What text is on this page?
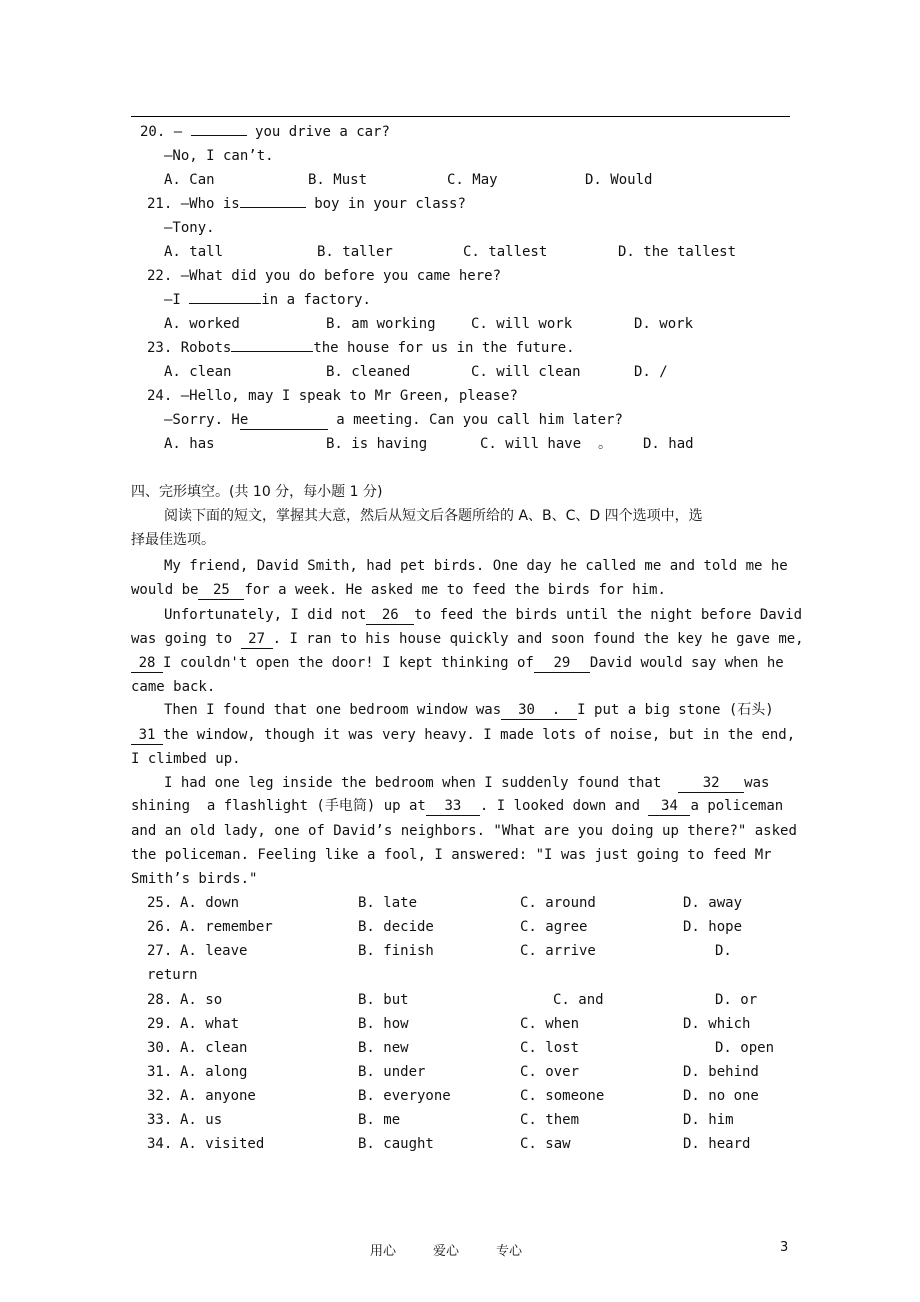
20. —	you drive a car?
—No, I can’t.
A. Can	B. Must	C. May	D. Would
21. —Who is	boy in your class?
—Tony.
A. tall	B. taller	C. tallest	D. the tallest
22. —What did you do before you came here?
—I	in a factory.
A. worked	B. am working	C. will work	D. work
23. Robots	the house for us in the future.
A. clean	B. cleaned	C. will clean	D. /
24. —Hello, may I speak to Mr Green, please?
—Sorry. He	a meeting. Can you call him later?
A. has	B. is having	C. will have 。 D. had
四、完形填空。(共 10 分，每小题 1 分)
阅读下面的短文，掌握其大意，然后从短文后各题所给的 A、B、C、D 四个选项中，选
择最佳选项。
My friend, David Smith, had pet birds. One day he called me and told me he
would be 25 for a week. He asked me to feed the birds for him.
Unfortunately, I did not 26 to feed the birds until the night before David
was going to 27 . I ran to his house quickly and soon found the key he gave me,
28 I couldn't open the door! I kept thinking of 29 David would say when he
came back.
Then I found that one bedroom window was 30  . I put a big stone (石头)
31 the window, though it was very heavy. I made lots of noise, but in the end,
I climbed up.
I had one leg inside the bedroom when I suddenly found that	32 was
shining  a flashlight (手电筒) up at 33 . I looked down and 34 a policeman
and an old lady, one of David’s neighbors. "What are you doing up there?" asked
the policeman. Feeling like a fool, I answered: "I was just going to feed Mr
Smith’s birds."
25. A. down	B. late	C. around	D. away
26. A. remember	B. decide	C. agree	D. hope
27. A. leave	B. finish	C. arrive	D.
return
28. A. so	B. but	C. and	D. or
29. A. what	B. how	C. when	D. which
30. A. clean	B. new	C. lost	D. open
31. A. along	B. under	C. over	D. behind
32. A. anyone	B. everyone	C. someone	D. no one
33. A. us	B. me	C. them	D. him
34. A. visited	B. caught	C. saw	D. heard
用心	爱心	专心	3
